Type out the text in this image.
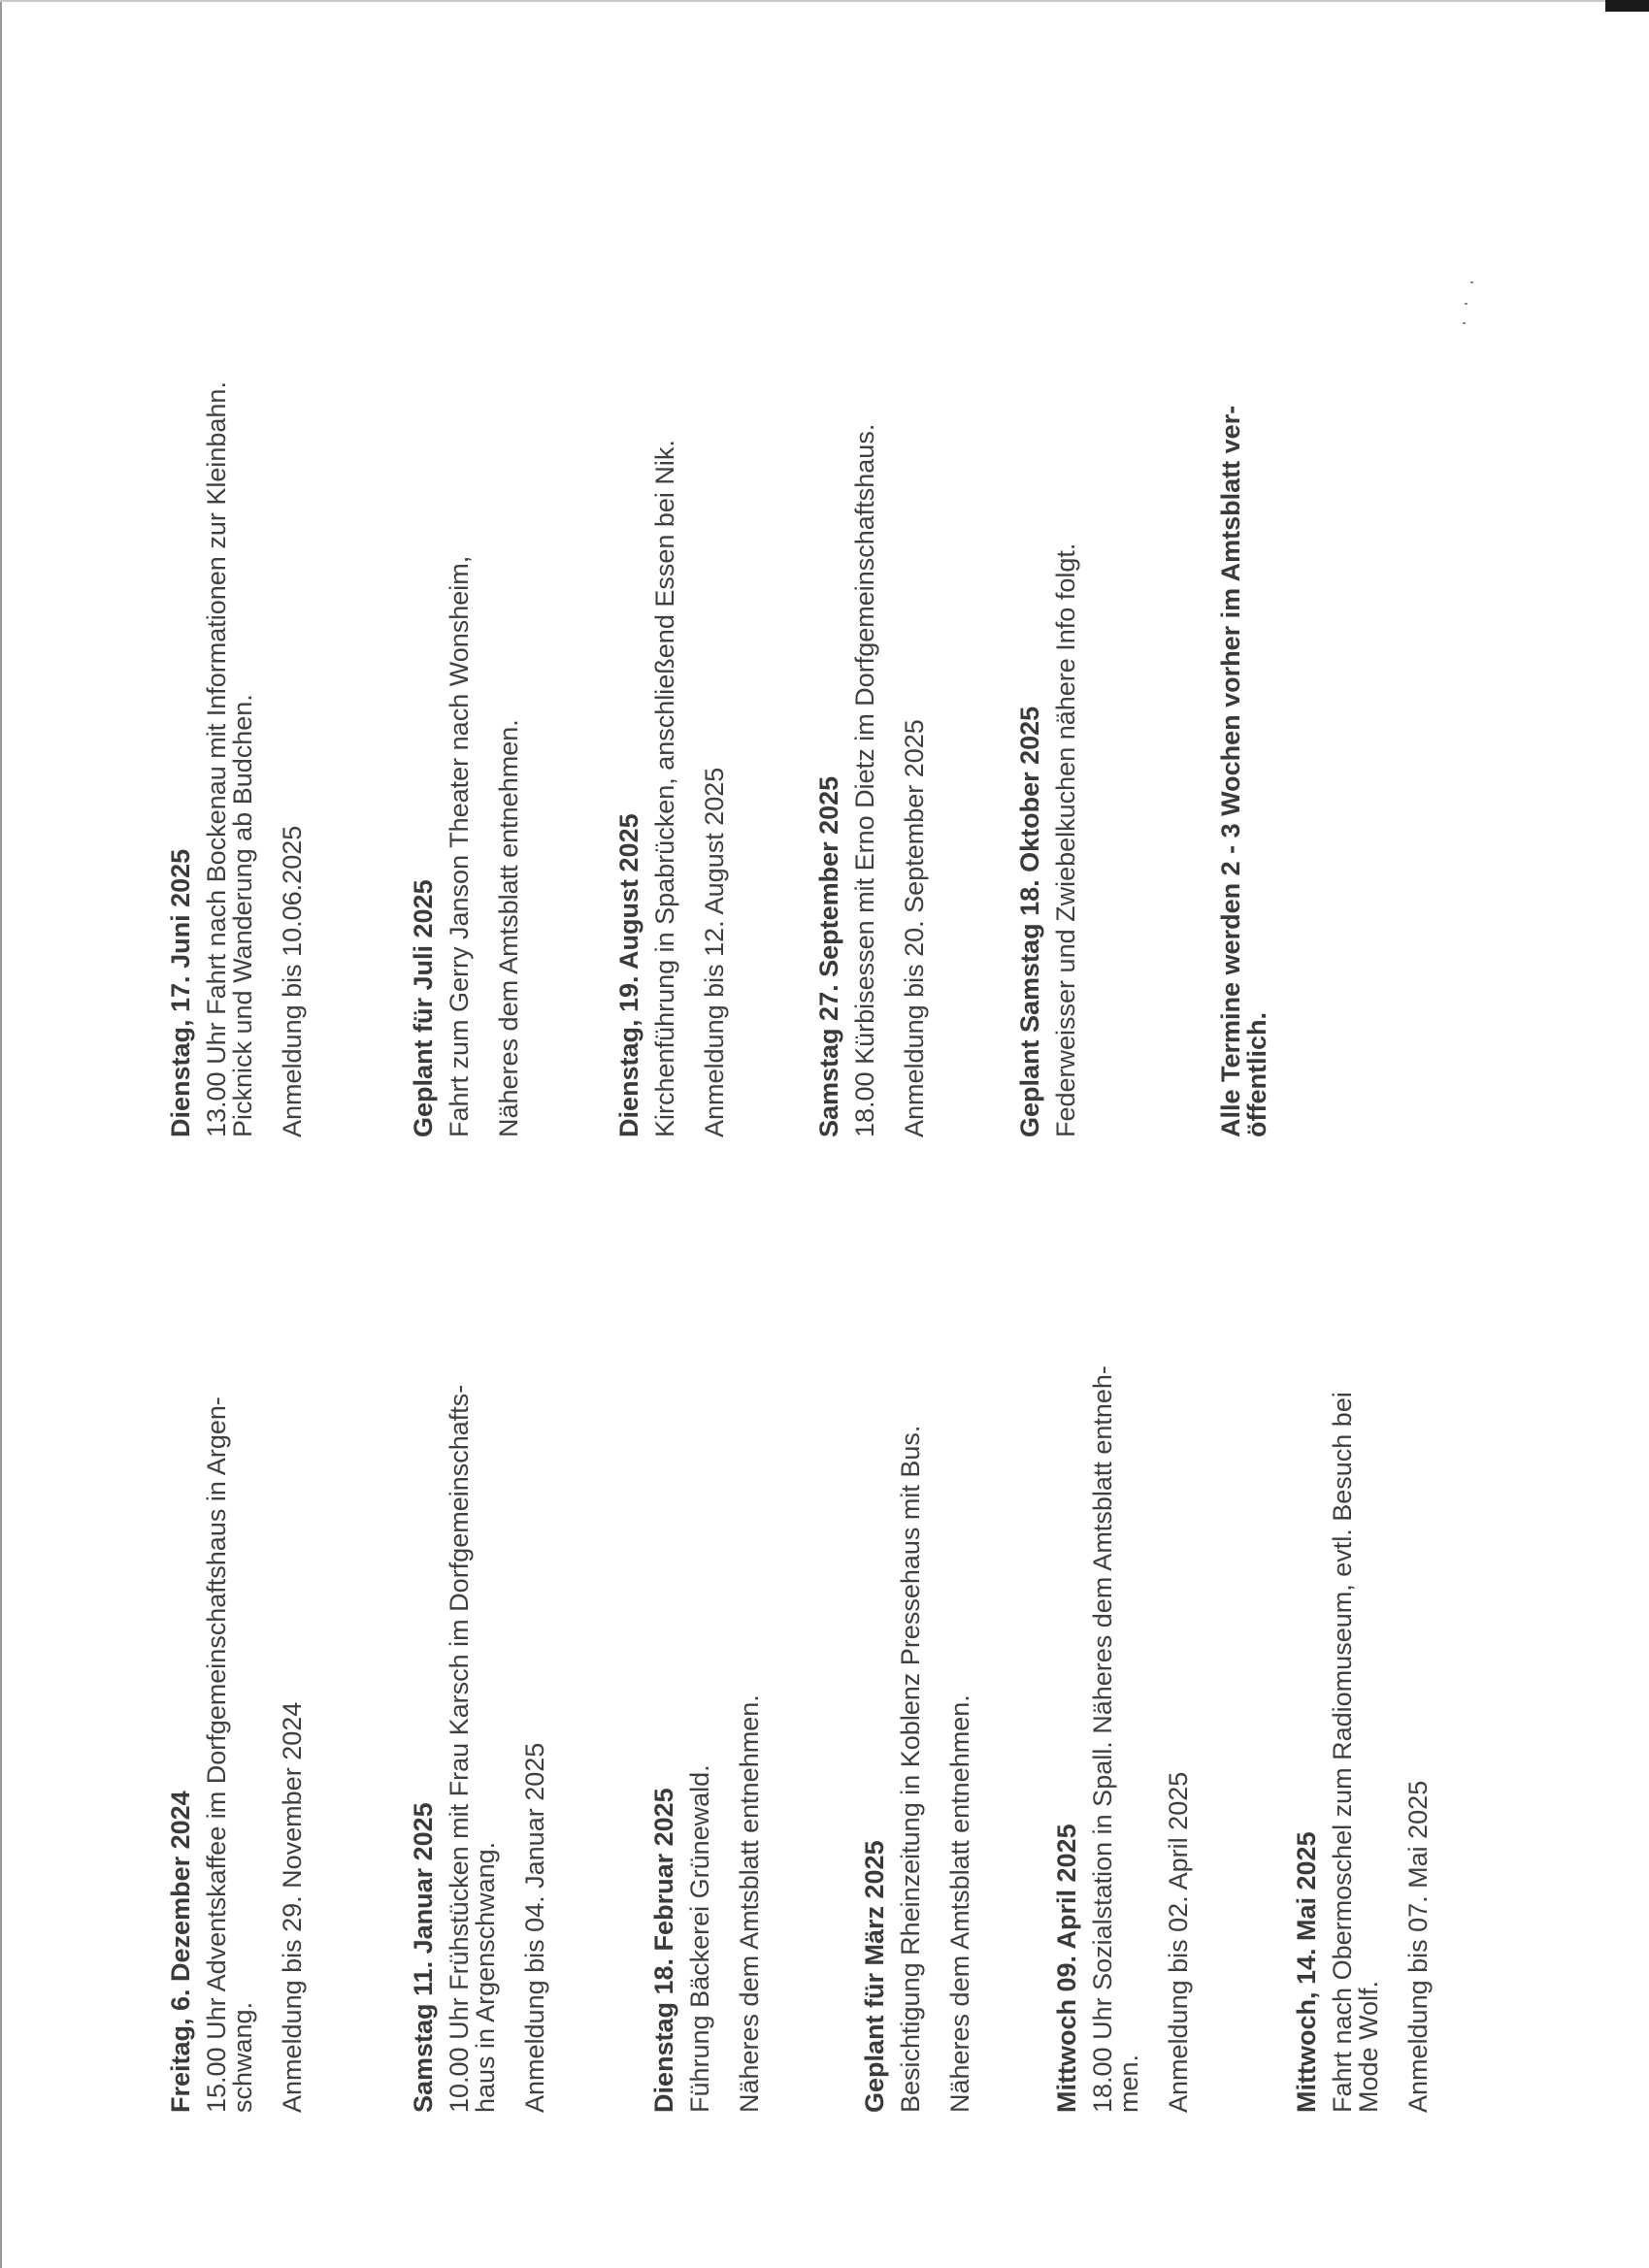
Freitag, 6. Dezember 2024 15.00 Uhr Adventskaffee im Dorfgemeinschaftshaus in Argen-

schwang. Anmeldung bis 29. November 2024	Samstag 11. Januar 2025 10.00 Uhr Frühstücken mit Frau Karsch im Dorfgemeinschafts-

haus in Argenschwang. Anmeldung bis 04. Januar 2025	Dienstag 18. Februar 2025 Führung Bäckerei Grünewald. Näheres dem Amtsblatt entnehmen.	Geplant für März 2025 Besichtigung Rheinzeitung in Koblenz Pressehaus mit Bus. Näheres dem Amtsblatt entnehmen.	Mittwoch 09. April 2025 18.00 Uhr Sozialstation in Spall. Näheres dem Amtsblatt entneh-

men. Anmeldung bis 02. April 2025	Mittwoch, 14. Mai 2025 Fahrt nach Obermoschel zum Radiomuseum, evtl. Besuch bei

Mode Wolf. Anmeldung bis 07. Mai 2025

Dienstag, 17. Juni 2025 13.00 Uhr Fahrt nach Bockenau mit Informationen zur Kleinbahn.

Picknick und Wanderung ab Budchen. Anmeldung bis 10.06.2025	Geplant für Juli 2025 Fahrt zum Gerry Janson Theater nach Wonsheim, Näheres dem Amtsblatt entnehmen.	Dienstag, 19. August 2025 Kirchenführung in Spabrücken, anschließend Essen bei Nik. Anmeldung bis 12. August 2025	Samstag 27. September 2025 18.00 Kürbisessen mit Erno Dietz im Dorfgemeinschaftshaus. Anmeldung bis 20. September 2025	Geplant Samstag 18. Oktober 2025 Federweisser und Zwiebelkuchen nähere Info folgt.	Alle Termine werden 2 - 3 Wochen vorher im Amtsblatt ver-

öffentlich.
